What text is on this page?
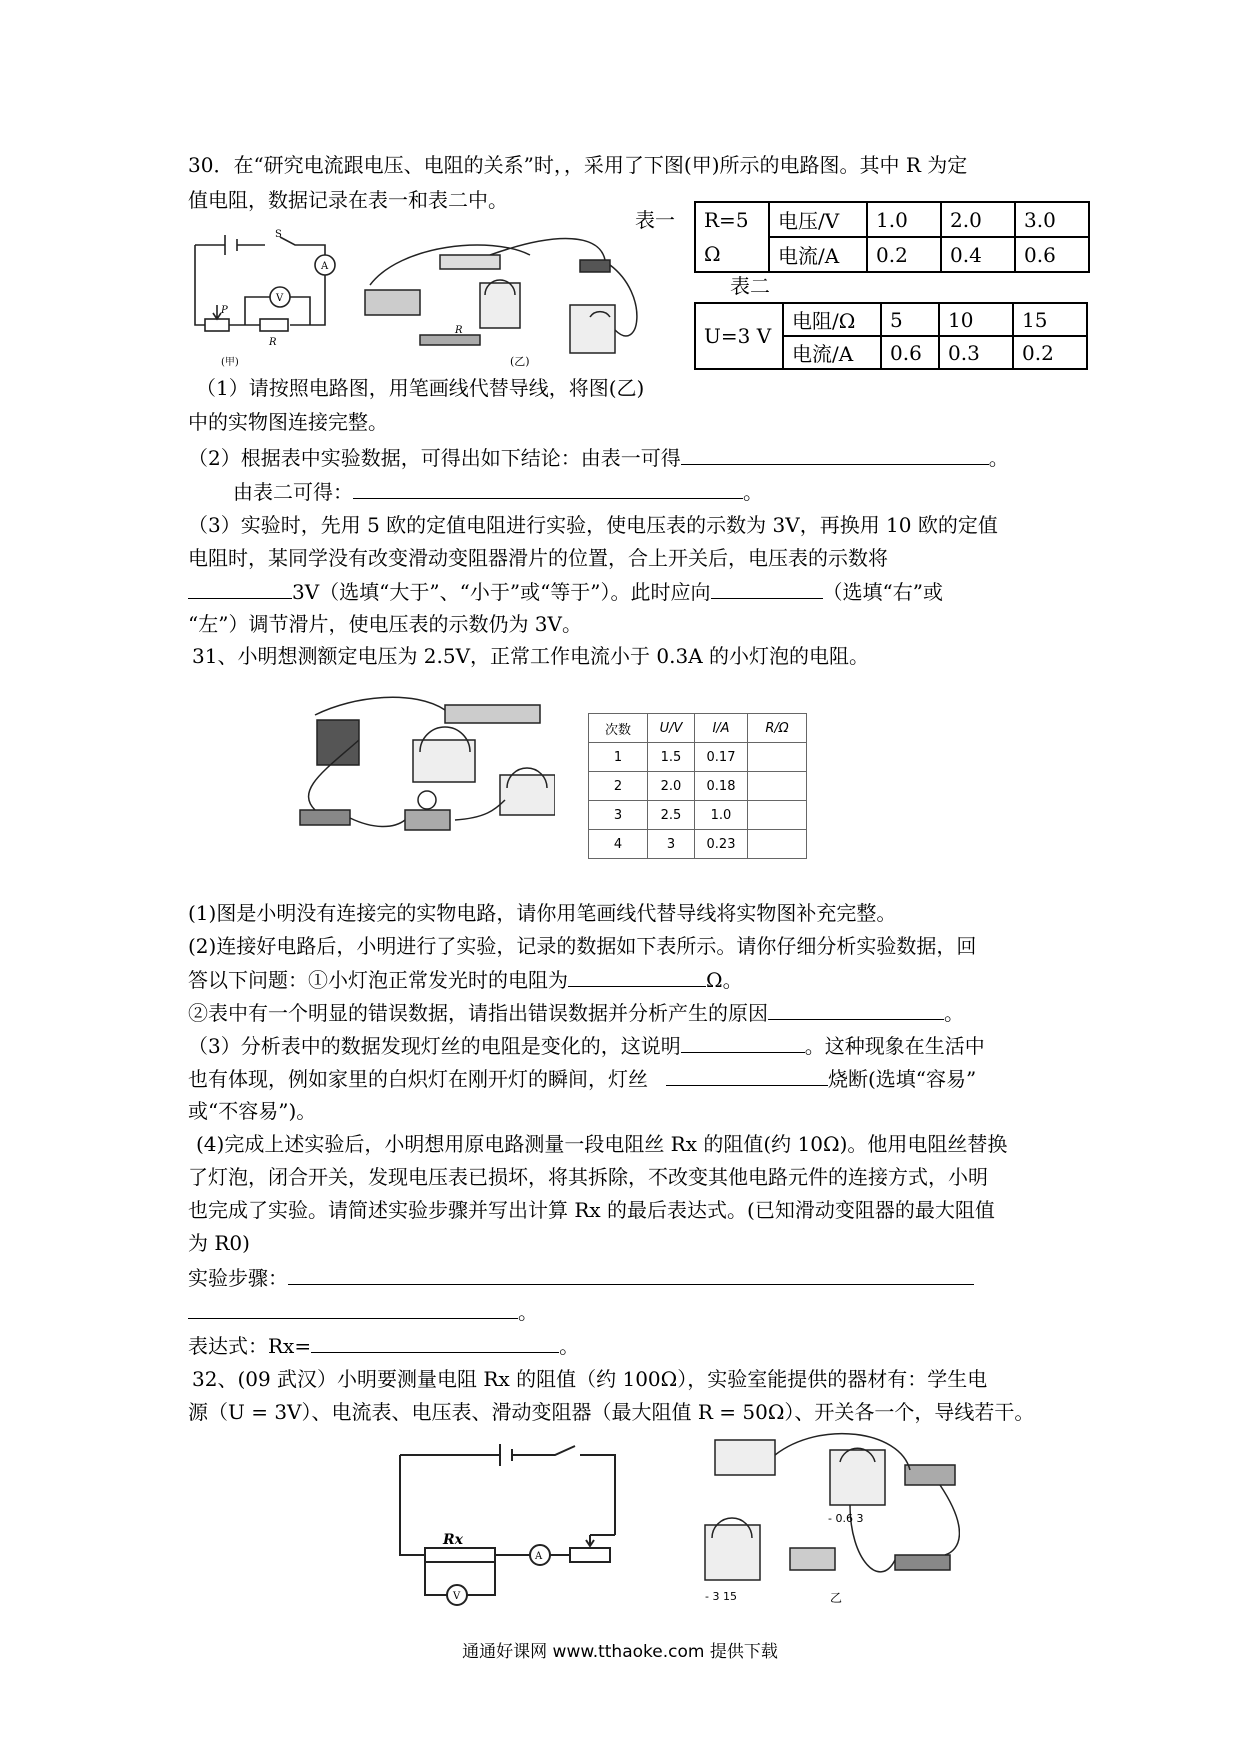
30．在“研究电流跟电压、电阻的关系”时，，采用了下图(甲)所示的电路图。其中 R 为定
值电阻，数据记录在表一和表二中。
表一 R=5
Ω	电压/V	1.0	2.0	3.0
	电流/A	0.2	0.4	0.6
表二
U=3 V	电阻/Ω	5	10	15
	电流/A	0.6	0.3	0.2
S
A
V
P
R
(甲)	(乙)
R
（1）请按照电路图，用笔画线代替导线，将图(乙)
中的实物图连接完整。
（2）根据表中实验数据，可得出如下结论：由表一可得	。
由表二可得：	。
（3）实验时，先用 5 欧的定值电阻进行实验，使电压表的示数为 3V，再换用 10 欧的定值
电阻时，某同学没有改变滑动变阻器滑片的位置，合上开关后，电压表的示数将
3V（选填“大于”、“小于”或“等于”）。此时应向	（选填“右”或
“左”）调节滑片，使电压表的示数仍为 3V。
31、小明想测额定电压为 2.5V，正常工作电流小于 0.3A 的小灯泡的电阻。
次数	U/V	I/A	R/Ω
1	1.5	0.17	
2	2.0	0.18	
3	2.5	1.0	
4	3	0.23	
(1)图是小明没有连接完的实物电路，请你用笔画线代替导线将实物图补充完整。
(2)连接好电路后，小明进行了实验，记录的数据如下表所示。请你仔细分析实验数据，回
答以下问题：①小灯泡正常发光时的电阻为	Ω。
②表中有一个明显的错误数据，请指出错误数据并分析产生的原因	。
（3）分析表中的数据发现灯丝的电阻是变化的，这说明	。这种现象在生活中
也有体现，例如家里的白炽灯在刚开灯的瞬间，灯丝	烧断(选填“容易”
或“不容易”)。
(4)完成上述实验后，小明想用原电路测量一段电阻丝 Rx 的阻值(约 10Ω)。他用电阻丝替换
了灯泡，闭合开关，发现电压表已损坏，将其拆除，不改变其他电路元件的连接方式，小明
也完成了实验。请简述实验步骤并写出计算 Rx 的最后表达式。(已知滑动变阻器的最大阻值
为 R0)
实验步骤：
。
表达式：Rx=	。
32、(09 武汉）小明要测量电阻 Rx 的阻值（约 100Ω），实验室能提供的器材有：学生电
源（U = 3V）、电流表、电压表、滑动变阻器（最大阻值 R = 50Ω）、开关各一个，导线若干。
Rx
A
V	乙
- 0.6 3
- 3 15
通通好课网 www.tthaoke.com 提供下载
